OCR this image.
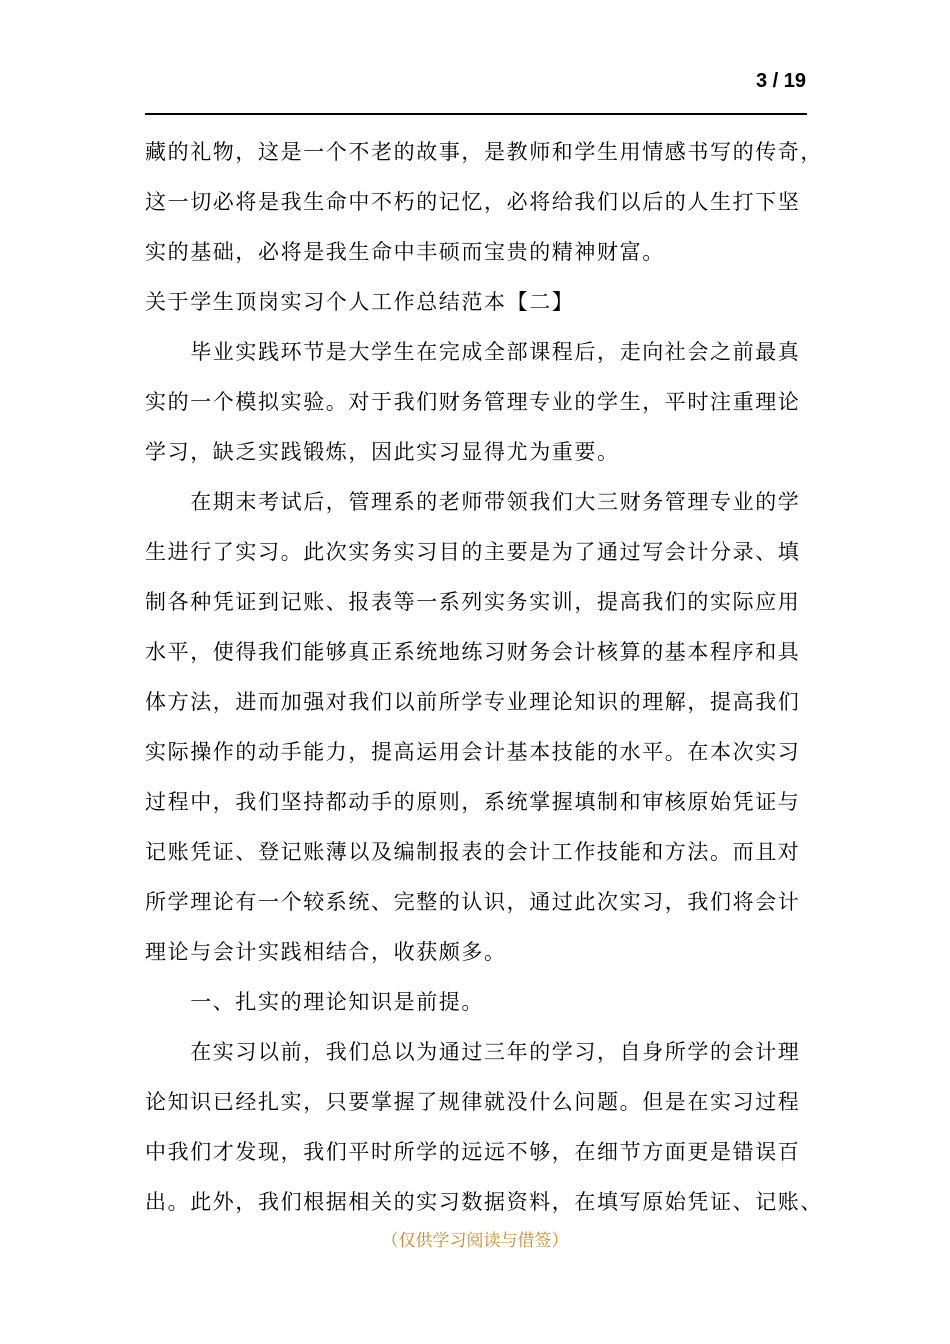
3 / 19
藏的礼物，这是一个不老的故事，是教师和学生用情感书写的传奇，
这一切必将是我生命中不朽的记忆，必将给我们以后的人生打下坚
实的基础，必将是我生命中丰硕而宝贵的精神财富。
关于学生顶岗实习个人工作总结范本【二】
　　毕业实践环节是大学生在完成全部课程后，走向社会之前最真
实的一个模拟实验。对于我们财务管理专业的学生，平时注重理论
学习，缺乏实践锻炼，因此实习显得尤为重要。
　　在期末考试后，管理系的老师带领我们大三财务管理专业的学
生进行了实习。此次实务实习目的主要是为了通过写会计分录、填
制各种凭证到记账、报表等一系列实务实训，提高我们的实际应用
水平，使得我们能够真正系统地练习财务会计核算的基本程序和具
体方法，进而加强对我们以前所学专业理论知识的理解，提高我们
实际操作的动手能力，提高运用会计基本技能的水平。在本次实习
过程中，我们坚持都动手的原则，系统掌握填制和审核原始凭证与
记账凭证、登记账薄以及编制报表的会计工作技能和方法。而且对
所学理论有一个较系统、完整的认识，通过此次实习，我们将会计
理论与会计实践相结合，收获颇多。
　　一、扎实的理论知识是前提。
　　在实习以前，我们总以为通过三年的学习，自身所学的会计理
论知识已经扎实，只要掌握了规律就没什么问题。但是在实习过程
中我们才发现，我们平时所学的远远不够，在细节方面更是错误百
出。此外，我们根据相关的实习数据资料，在填写原始凭证、记账、
（仅供学习阅读与借签）
